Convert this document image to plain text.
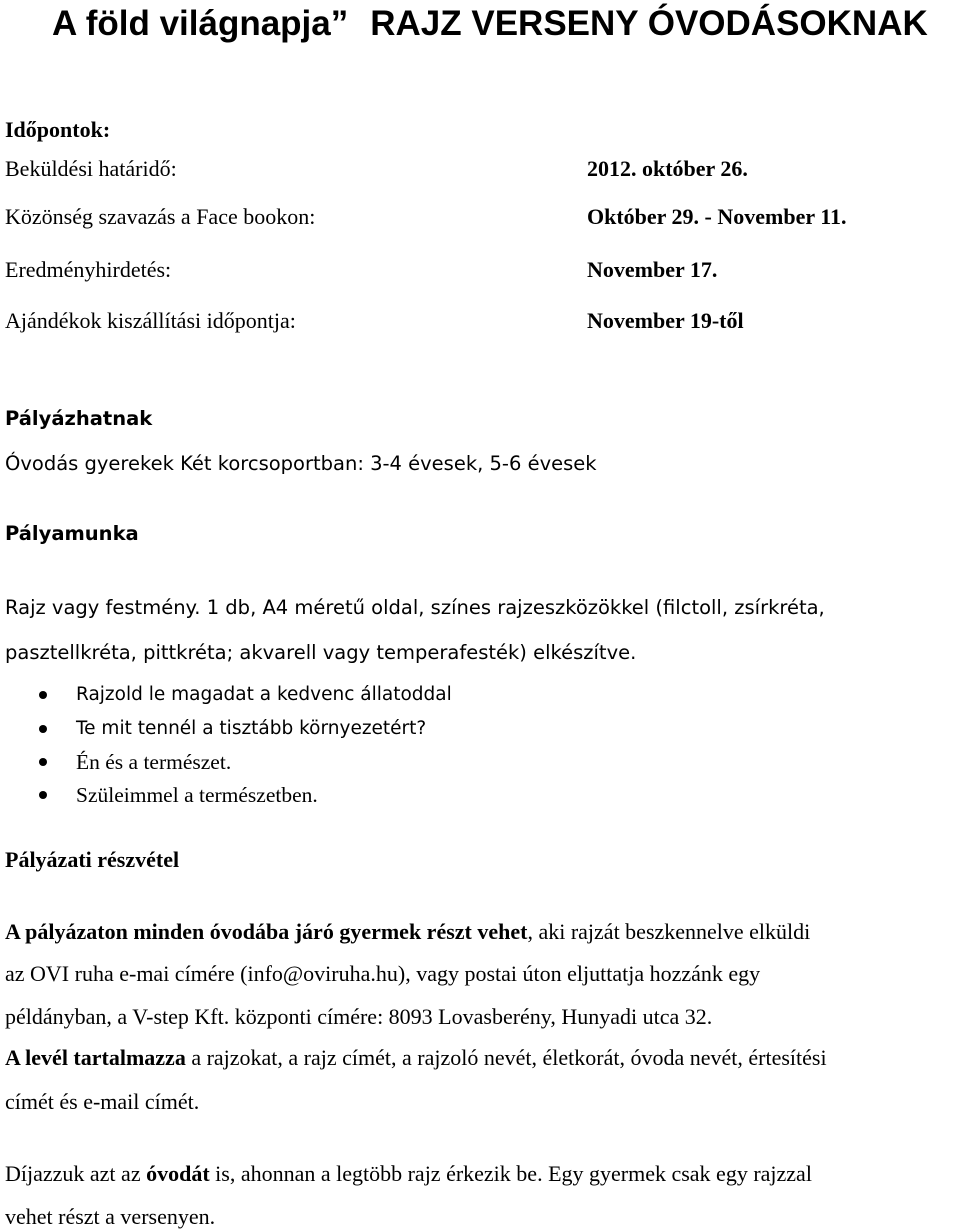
A föld világnapja” RAJZ VERSENY ÓVODÁSOKNAK
Időpontok:
Beküldési határidő:	2012. október 26.
Közönség szavazás a Face bookon:	Október 29. - November 11.
Eredményhirdetés:	November 17.
Ajándékok kiszállítási időpontja:	November 19-től
Pályázhatnak
Óvodás gyerekek Két korcsoportban: 3-4 évesek, 5-6 évesek
Pályamunka
Rajz vagy festmény. 1 db, A4 méretű oldal, színes rajzeszközökkel (filctoll, zsírkréta,
pasztellkréta, pittkréta; akvarell vagy temperafesték) elkészítve.
Rajzold le magadat a kedvenc állatoddal
Te mit tennél a tisztább környezetért?
Én és a természet.
Szüleimmel a természetben.
Pályázati részvétel
A pályázaton minden óvodába járó gyermek részt vehet, aki rajzát beszkennelve elküldi
az OVI ruha e-mai címére (info@oviruha.hu), vagy postai úton eljuttatja hozzánk egy
példányban, a V-step Kft. központi címére: 8093 Lovasberény, Hunyadi utca 32.
A levél tartalmazza a rajzokat, a rajz címét, a rajzoló nevét, életkorát, óvoda nevét, értesítési
címét és e-mail címét.
Díjazzuk azt az óvodát is, ahonnan a legtöbb rajz érkezik be. Egy gyermek csak egy rajzzal
vehet részt a versenyen.
